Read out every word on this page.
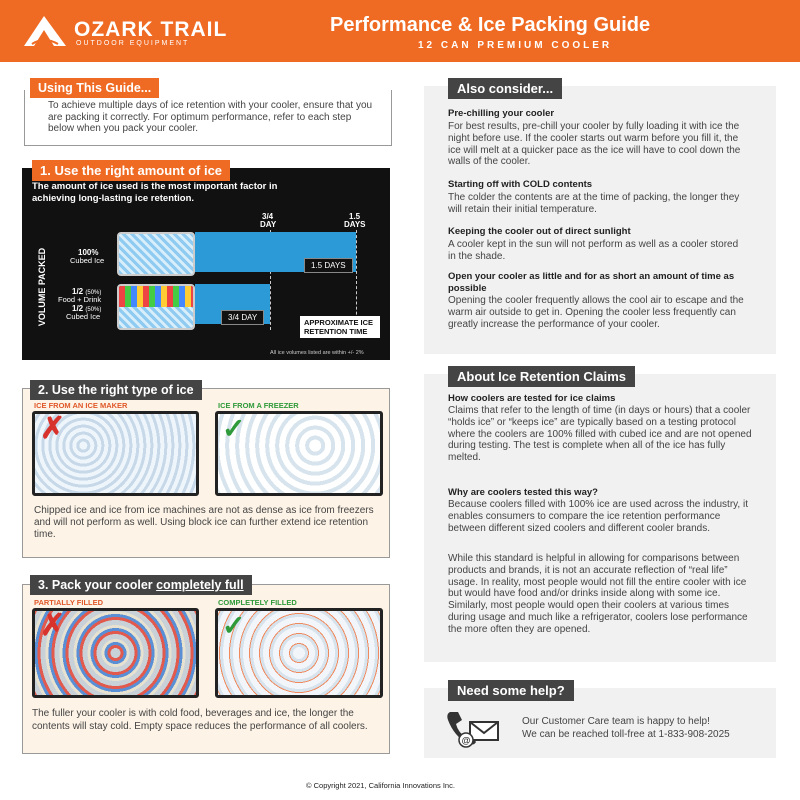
OZARK TRAIL
OUTDOOR EQUIPMENT
Performance & Ice Packing Guide
12 CAN PREMIUM COOLER
Using This Guide...
To achieve multiple days of ice retention with your cooler, ensure that you are packing it correctly. For optimum performance, refer to each step below when you pack your cooler.
1. Use the right amount of ice
The amount of ice used is the most important factor in achieving long-lasting ice retention.
3/4
DAY
1.5
DAYS
VOLUME PACKED	100%
Cubed Ice
1/2 (50%)
Food + Drink
1/2 (50%)
Cubed Ice
1.5 DAYS
3/4 DAY
APPROXIMATE ICE RETENTION TIME
All ice volumes listed are within +/- 2%
2. Use the right type of ice
ICE FROM AN ICE MAKER	ICE FROM A FREEZER
✗	✓
Chipped ice and ice from ice machines are not as dense as ice from freezers and will not perform as well. Using block ice can further extend ice retention time.
3. Pack your cooler completely full
PARTIALLY FILLED	COMPLETELY FILLED
✗	✓
The fuller your cooler is with cold food, beverages and ice, the longer the contents will stay cold. Empty space reduces the performance of all coolers.
Also consider...
Pre-chilling your cooler
For best results, pre-chill your cooler by fully loading it with ice the night before use. If the cooler starts out warm before you fill it, the ice will melt at a quicker pace as the ice will have to cool down the walls of the cooler.
Starting off with COLD contents
The colder the contents are at the time of packing, the longer they will retain their initial temperature.
Keeping the cooler out of direct sunlight
A cooler kept in the sun will not perform as well as a cooler stored in the shade.
Open your cooler as little and for as short an amount of time as possible
Opening the cooler frequently allows the cool air to escape and the warm air outside to get in. Opening the cooler less frequently can greatly increase the performance of your cooler.
About Ice Retention Claims
How coolers are tested for ice claims
Claims that refer to the length of time (in days or hours) that a cooler “holds ice” or “keeps ice” are typically based on a testing protocol where the coolers are 100% filled with cubed ice and are not opened during testing. The test is complete when all of the ice has fully melted.
Why are coolers tested this way?
Because coolers filled with 100% ice are used across the industry, it enables consumers to compare the ice retention performance between different sized coolers and different cooler brands.
While this standard is helpful in allowing for comparisons between products and brands, it is not an accurate reflection of “real life” usage. In reality, most people would not fill the entire cooler with ice but would have food and/or drinks inside along with some ice. Similarly, most people would open their coolers at various times during usage and much like a refrigerator, coolers lose performance the more often they are opened.
Need some help?
@
Our Customer Care team is happy to help!
We can be reached toll-free at 1-833-908-2025
© Copyright 2021, California Innovations Inc.
